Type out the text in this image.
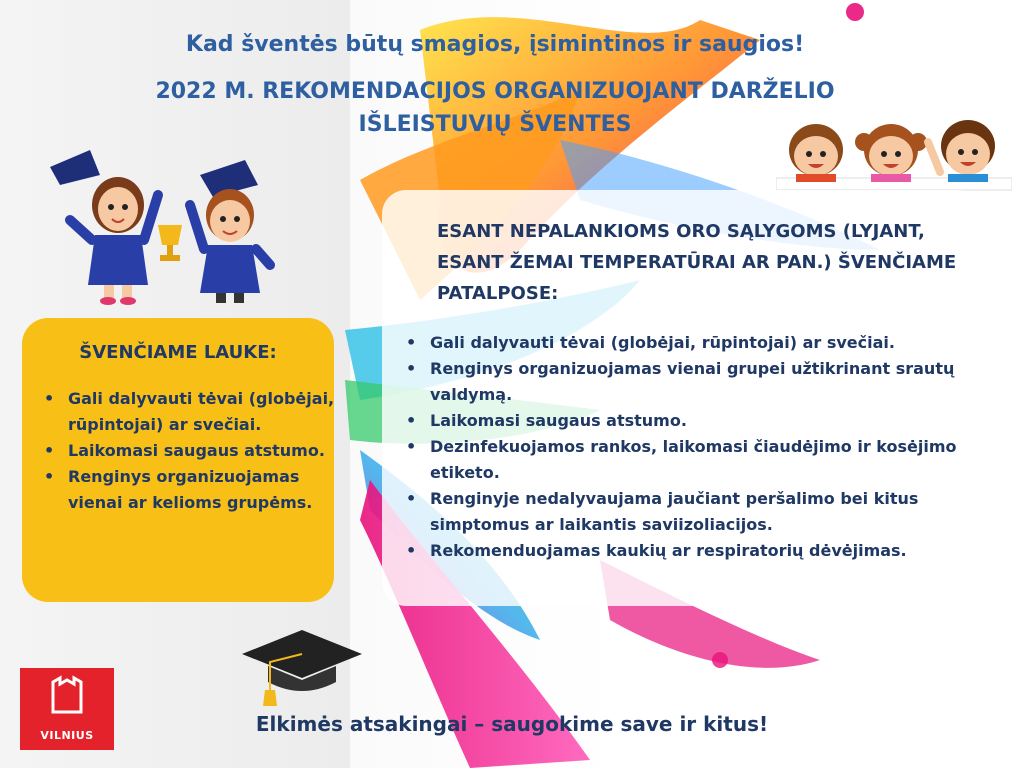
Kad šventės būtų smagios, įsimintinos ir saugios!
2022 M. REKOMENDACIJOS ORGANIZUOJANT DARŽELIO
IŠLEISTUVIŲ ŠVENTES
ŠVENČIAME LAUKE:
• Gali dalyvauti tėvai (globėjai, rūpintojai) ar svečiai.
• Laikomasi saugaus atstumo.
• Renginys organizuojamas vienai ar kelioms grupėms.
ESANT NEPALANKIOMS ORO SĄLYGOMS (LYJANT, ESANT ŽEMAI TEMPERATŪRAI AR PAN.) ŠVENČIAME PATALPOSE:
• Gali dalyvauti tėvai (globėjai, rūpintojai) ar svečiai.
• Renginys organizuojamas vienai grupei užtikrinant srautų valdymą.
• Laikomasi saugaus atstumo.
• Dezinfekuojamos rankos, laikomasi čiaudėjimo ir kosėjimo etiketo.
• Renginyje nedalyvaujama jaučiant peršalimo bei kitus simptomus ar laikantis saviizoliacijos.
• Rekomenduojamas kaukių ar respiratorių dėvėjimas.
Elkimės atsakingai – saugokime save ir kitus!
VILNIUS
